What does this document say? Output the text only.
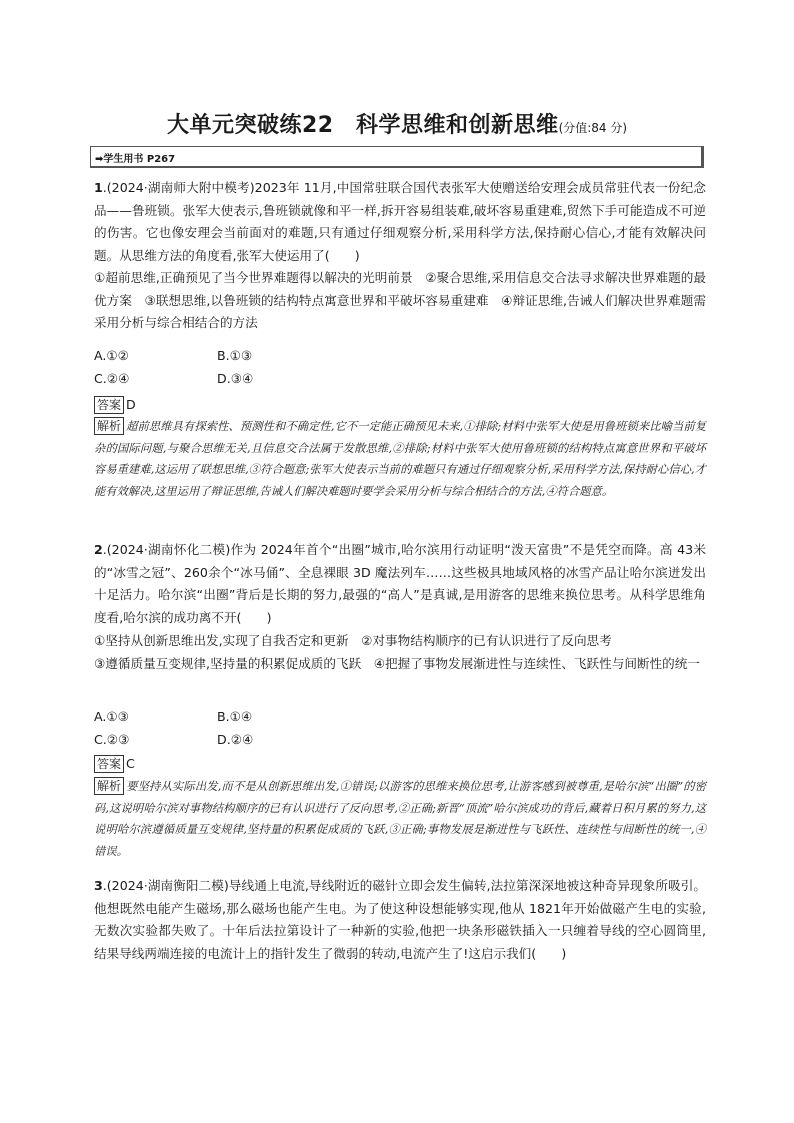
大单元突破练22　科学思维和创新思维(分值:84 分)
➡学生用书 P267

1.(2024·湖南师大附中模考)2023年 11月,中国常驻联合国代表张军大使赠送给安理会成员常驻代表一份纪念品——鲁班锁。张军大使表示,鲁班锁就像和平一样,拆开容易组装难,破坏容易重建难,贸然下手可能造成不可逆的伤害。它也像安理会当前面对的难题,只有通过仔细观察分析,采用科学方法,保持耐心信心,才能有效解决问题。从思维方法的角度看,张军大使运用了(　　)

①超前思维,正确预见了当今世界难题得以解决的光明前景　②聚合思维,采用信息交合法寻求解决世界难题的最优方案　③联想思维,以鲁班锁的结构特点寓意世界和平破坏容易重建难　④辩证思维,告诫人们解决世界难题需采用分析与综合相结合的方法

A.①②	B.①③
C.②④	D.③④
答案 D

解析 超前思维具有探索性、预测性和不确定性,它不一定能正确预见未来,①排除;材料中张军大使是用鲁班锁来比喻当前复杂的国际问题,与聚合思维无关,且信息交合法属于发散思维,②排除;材料中张军大使用鲁班锁的结构特点寓意世界和平破坏容易重建难,这运用了联想思维,③符合题意;张军大使表示当前的难题只有通过仔细观察分析,采用科学方法,保持耐心信心,才能有效解决,这里运用了辩证思维,告诫人们解决难题时要学会采用分析与综合相结合的方法,④符合题意。

2.(2024·湖南怀化二模)作为 2024年首个“出圈”城市,哈尔滨用行动证明“泼天富贵”不是凭空而降。高 43米的“冰雪之冠”、260余个“冰马俑”、全息裸眼 3D 魔法列车……这些极具地域风格的冰雪产品让哈尔滨迸发出十足活力。哈尔滨“出圈”背后是长期的努力,最强的“高人”是真诚,是用游客的思维来换位思考。从科学思维角度看,哈尔滨的成功离不开(　　)

①坚持从创新思维出发,实现了自我否定和更新　②对事物结构顺序的已有认识进行了反向思考
③遵循质量互变规律,坚持量的积累促成质的飞跃　④把握了事物发展渐进性与连续性、飞跃性与间断性的统一

A.①③	B.①④
C.②③	D.②④
答案 C

解析 要坚持从实际出发,而不是从创新思维出发,①错误;以游客的思维来换位思考,让游客感到被尊重,是哈尔滨“出圈”的密码,这说明哈尔滨对事物结构顺序的已有认识进行了反向思考,②正确;新晋“顶流”哈尔滨成功的背后,藏着日积月累的努力,这说明哈尔滨遵循质量互变规律,坚持量的积累促成质的飞跃,③正确;事物发展是渐进性与飞跃性、连续性与间断性的统一,④错误。

3.(2024·湖南衡阳二模)导线通上电流,导线附近的磁针立即会发生偏转,法拉第深深地被这种奇异现象所吸引。他想既然电能产生磁场,那么磁场也能产生电。为了使这种设想能够实现,他从 1821年开始做磁产生电的实验,无数次实验都失败了。十年后法拉第设计了一种新的实验,他把一块条形磁铁插入一只缠着导线的空心圆筒里,结果导线两端连接的电流计上的指针发生了微弱的转动,电流产生了!这启示我们(　　)
